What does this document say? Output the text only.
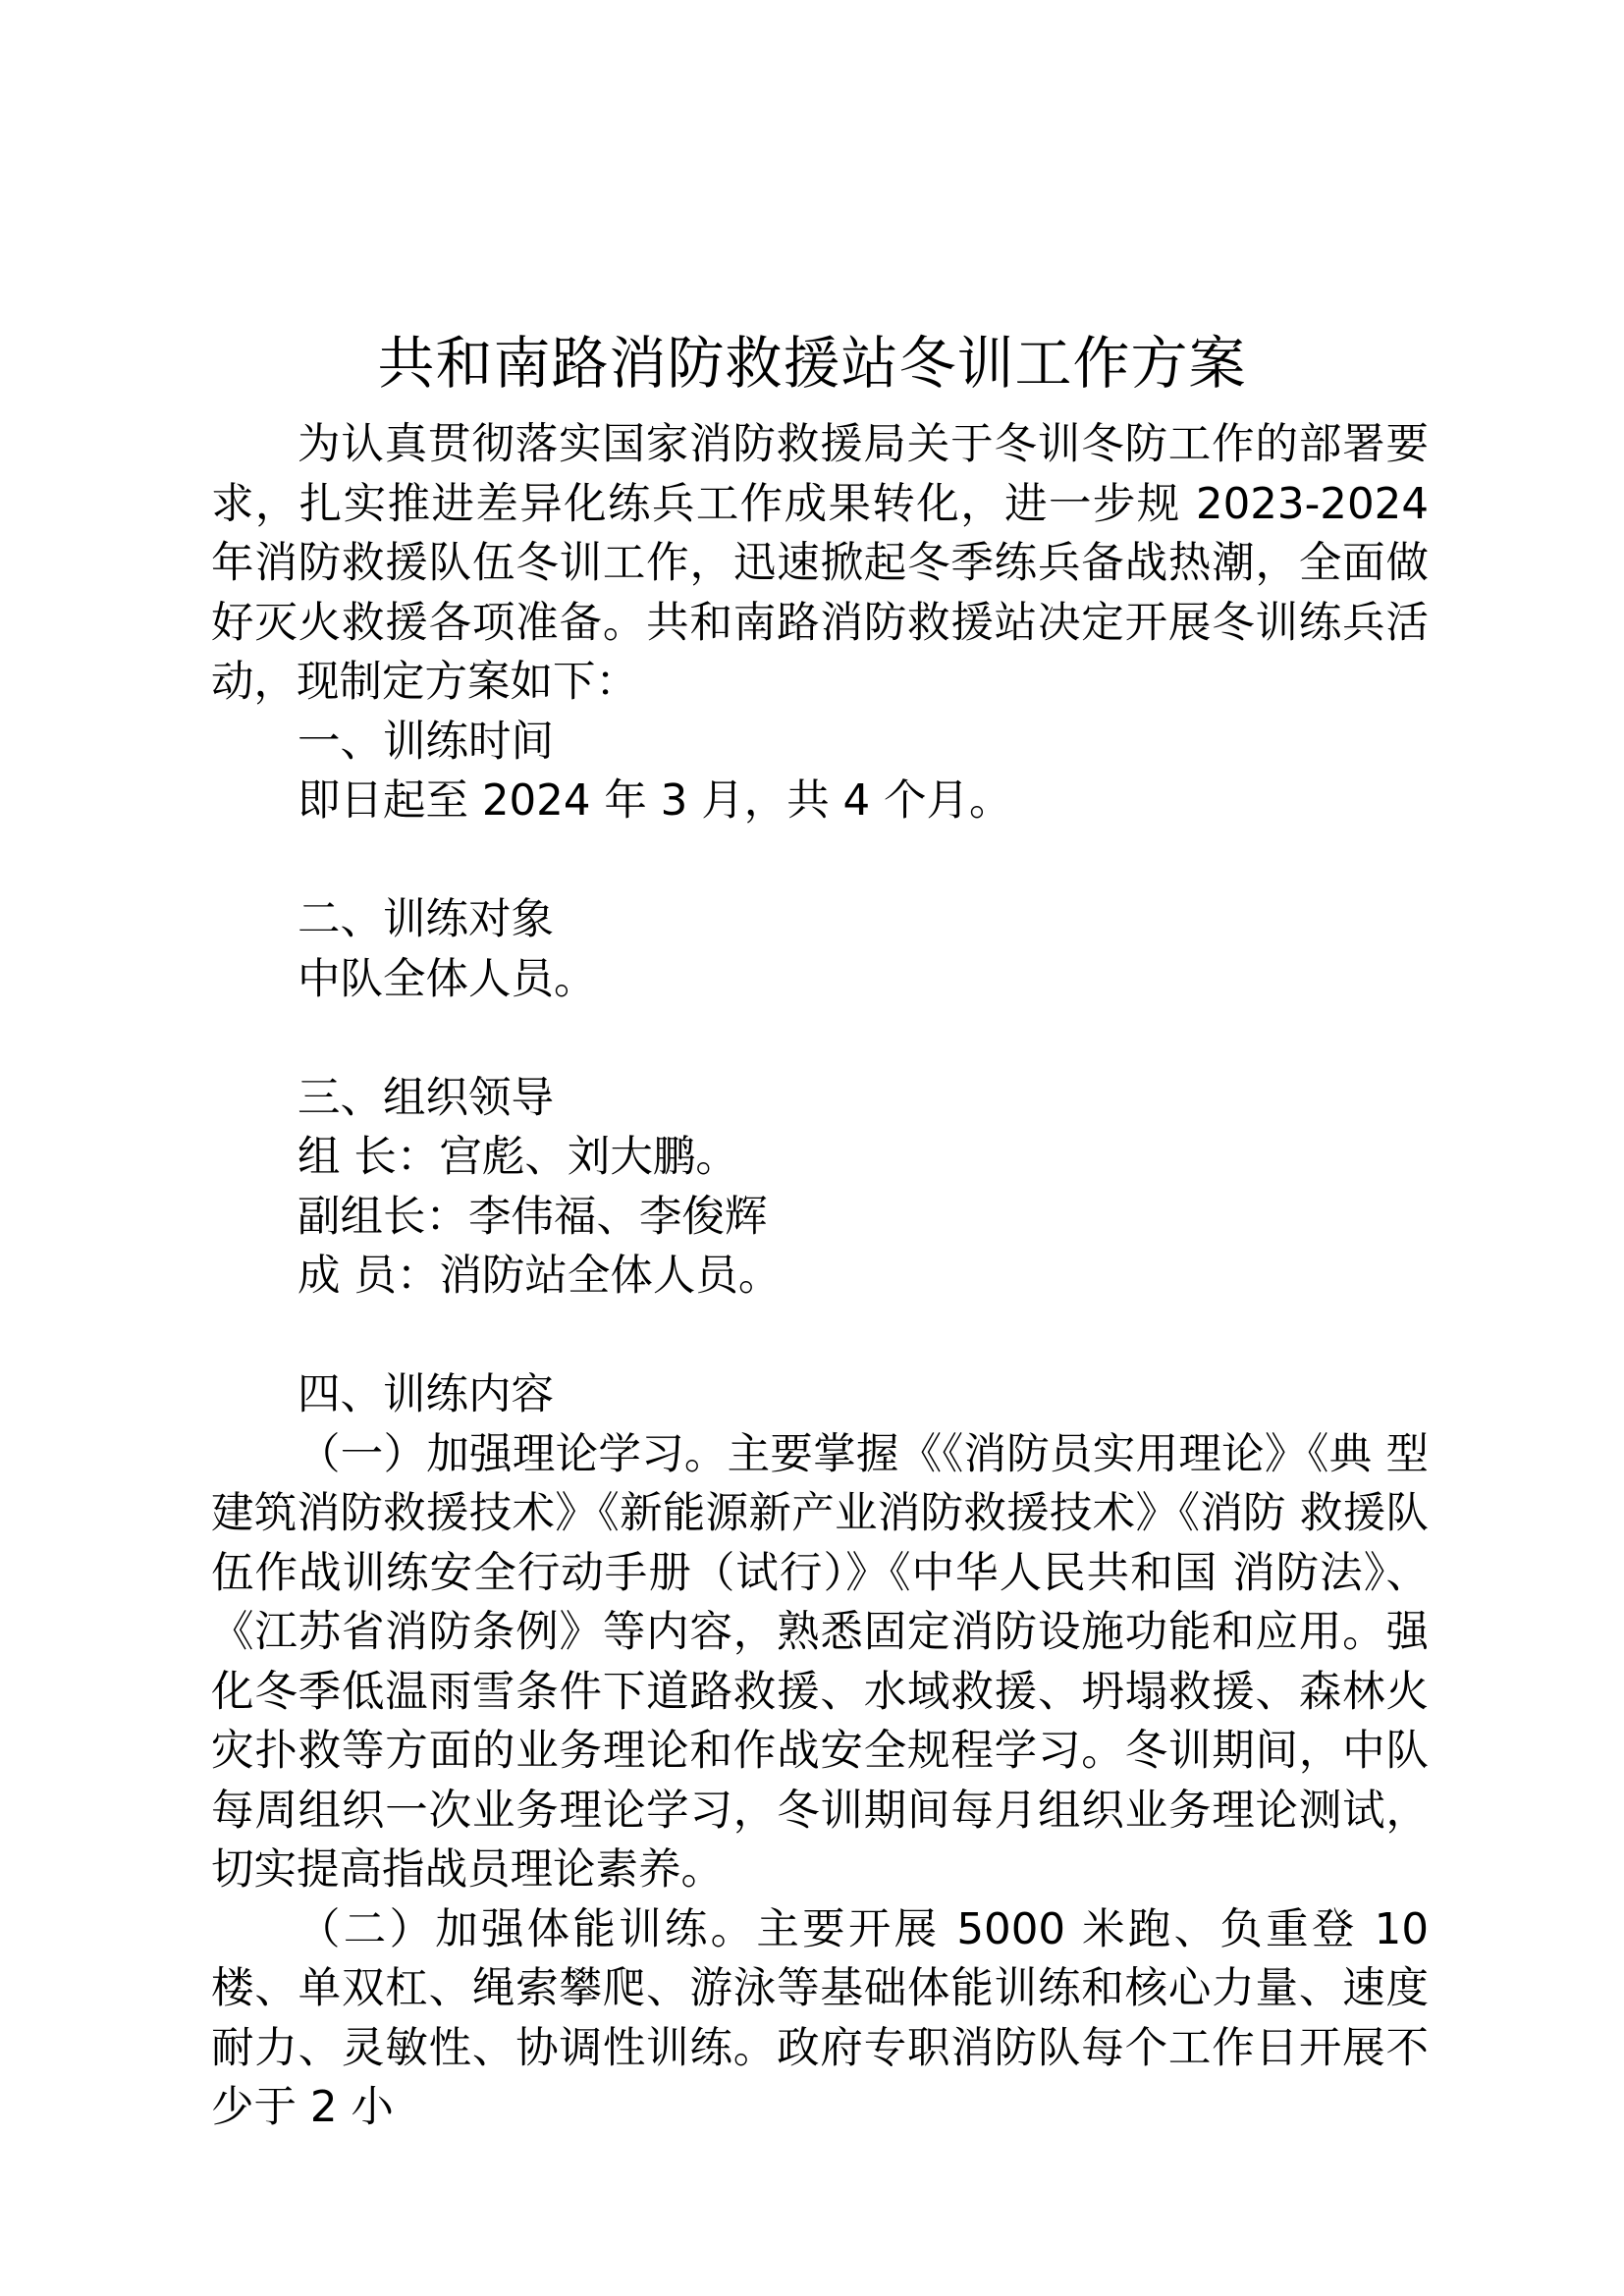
共和南路消防救援站冬训工作方案

为认真贯彻落实国家消防救援局关于冬训冬防工作的部署要求，扎实推进差异化练兵工作成果转化，进一步规 2023-2024 年消防救援队伍冬训工作，迅速掀起冬季练兵备战热潮，全面做好灭火救援各项准备。共和南路消防救援站决定开展冬训练兵活动，现制定方案如下：

一、训练时间

即日起至 2024 年 3 月，共 4 个月。

二、训练对象

中队全体人员。

三、组织领导

组 长：宫彪、刘大鹏。

副组长：李伟福、李俊辉

成 员：消防站全体人员。

四、训练内容

（一）加强理论学习。主要掌握《《消防员实用理论》《典 型建筑消防救援技术》《新能源新产业消防救援技术》《消防 救援队伍作战训练安全行动手册（试行）》《中华人民共和国 消防法》、《江苏省消防条例》等内容，熟悉固定消防设施功能和应用。强化冬季低温雨雪条件下道路救援、水域救援、坍塌救援、森林火灾扑救等方面的业务理论和作战安全规程学习。冬训期间，中队每周组织一次业务理论学习，冬训期间每月组织业务理论测试，切实提高指战员理论素养。

（二）加强体能训练。主要开展 5000 米跑、负重登 10 楼、单双杠、绳索攀爬、游泳等基础体能训练和核心力量、速度耐力、灵敏性、协调性训练。政府专职消防队每个工作日开展不少于 2 小
